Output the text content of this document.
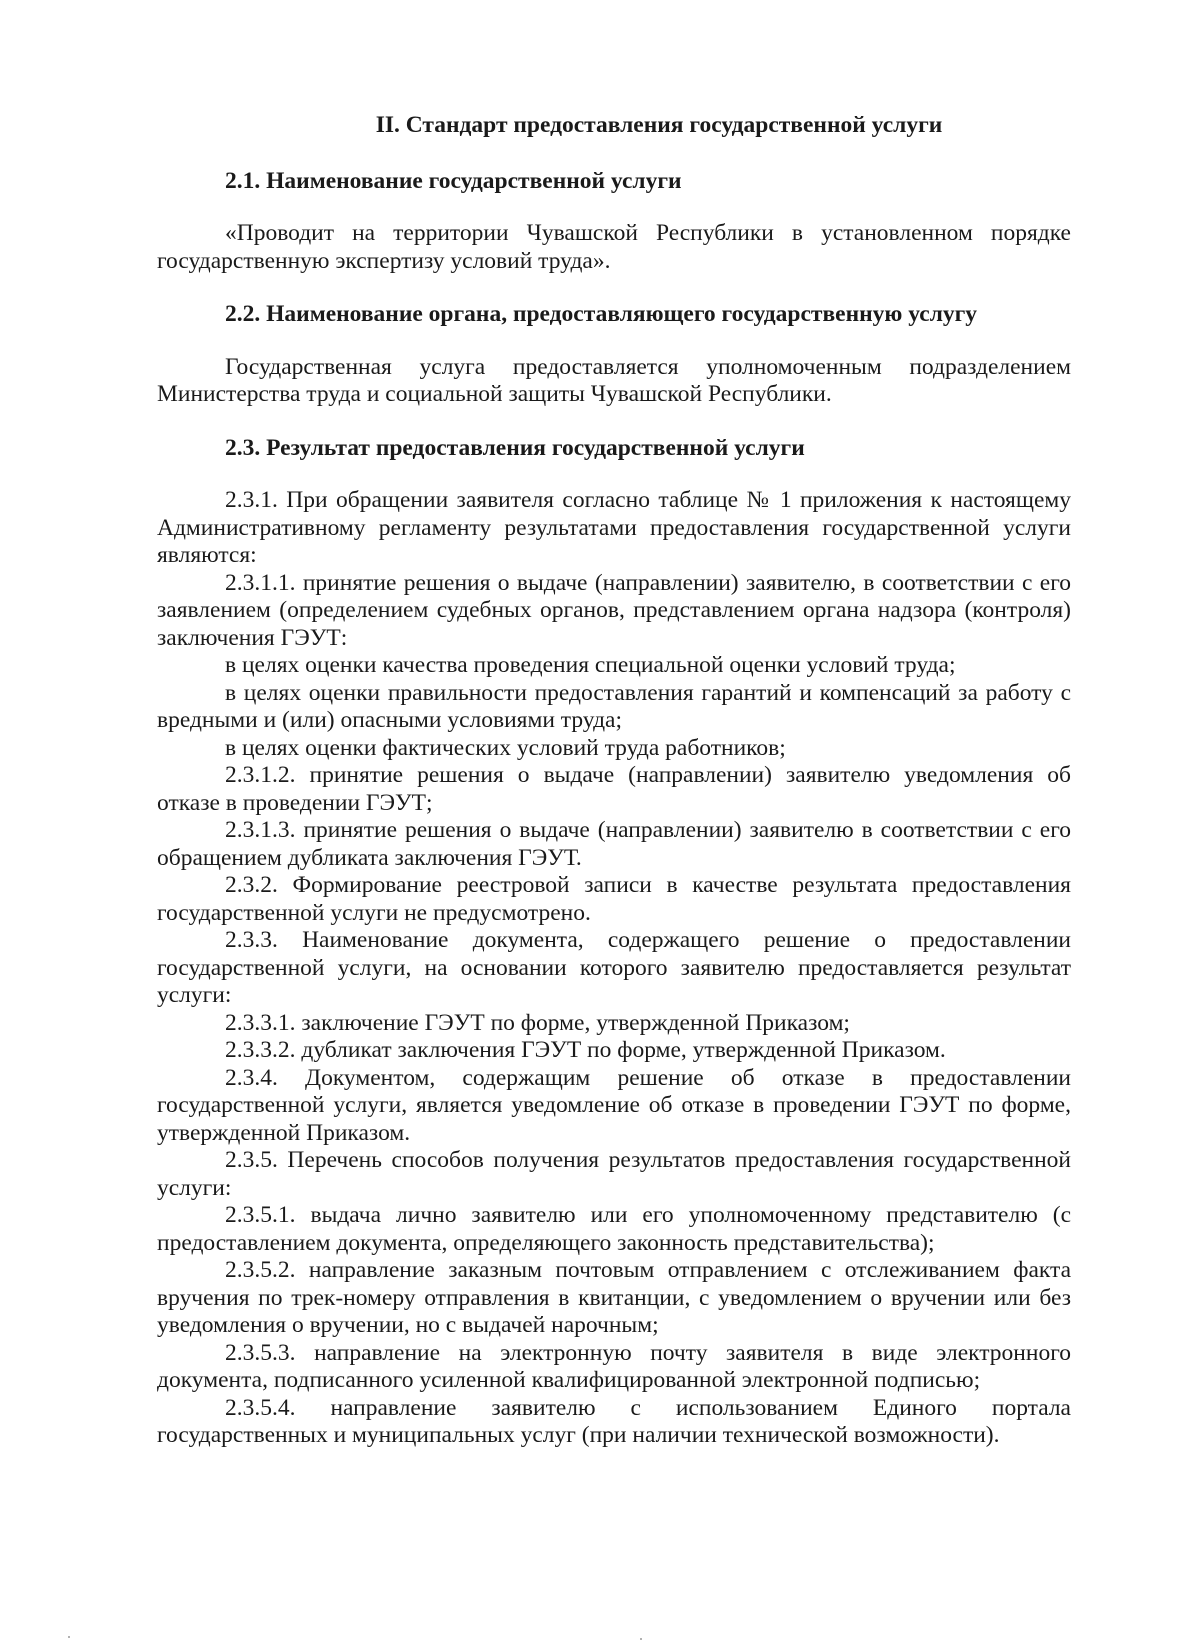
II. Стандарт предоставления государственной услуги
2.1. Наименование государственной услуги

«Проводит на территории Чувашской Республики в установленном порядке государственную экспертизу условий труда».

2.2. Наименование органа, предоставляющего государственную услугу

Государственная услуга предоставляется уполномоченным подразделением Министерства труда и социальной защиты Чувашской Республики.

2.3. Результат предоставления государственной услуги

2.3.1. При обращении заявителя согласно таблице № 1 приложения к настоящему Административному регламенту результатами предоставления государственной услуги являются:

2.3.1.1. принятие решения о выдаче (направлении) заявителю, в соответствии с его заявлением (определением судебных органов, представлением органа надзора (контроля) заключения ГЭУТ:

в целях оценки качества проведения специальной оценки условий труда;

в целях оценки правильности предоставления гарантий и компенсаций за работу с вредными и (или) опасными условиями труда;

в целях оценки фактических условий труда работников;

2.3.1.2. принятие решения о выдаче (направлении) заявителю уведомления об отказе в проведении ГЭУТ;

2.3.1.3. принятие решения о выдаче (направлении) заявителю в соответствии с его обращением дубликата заключения ГЭУТ.

2.3.2. Формирование реестровой записи в качестве результата предоставления государственной услуги не предусмотрено.

2.3.3. Наименование документа, содержащего решение о предоставлении государственной услуги, на основании которого заявителю предоставляется результат услуги:

2.3.3.1. заключение ГЭУТ по форме, утвержденной Приказом;

2.3.3.2. дубликат заключения ГЭУТ по форме, утвержденной Приказом.

2.3.4. Документом, содержащим решение об отказе в предоставлении государственной услуги, является уведомление об отказе в проведении ГЭУТ по форме, утвержденной Приказом.

2.3.5. Перечень способов получения результатов предоставления государственной услуги:

2.3.5.1. выдача лично заявителю или его уполномоченному представителю (с предоставлением документа, определяющего законность представительства);

2.3.5.2. направление заказным почтовым отправлением с отслеживанием факта вручения по трек-номеру отправления в квитанции, с уведомлением о вручении или без уведомления о вручении, но с выдачей нарочным;

2.3.5.3. направление на электронную почту заявителя в виде электронного документа, подписанного усиленной квалифицированной электронной подписью;

2.3.5.4. направление заявителю с использованием Единого портала государственных и муниципальных услуг (при наличии технической возможности).
